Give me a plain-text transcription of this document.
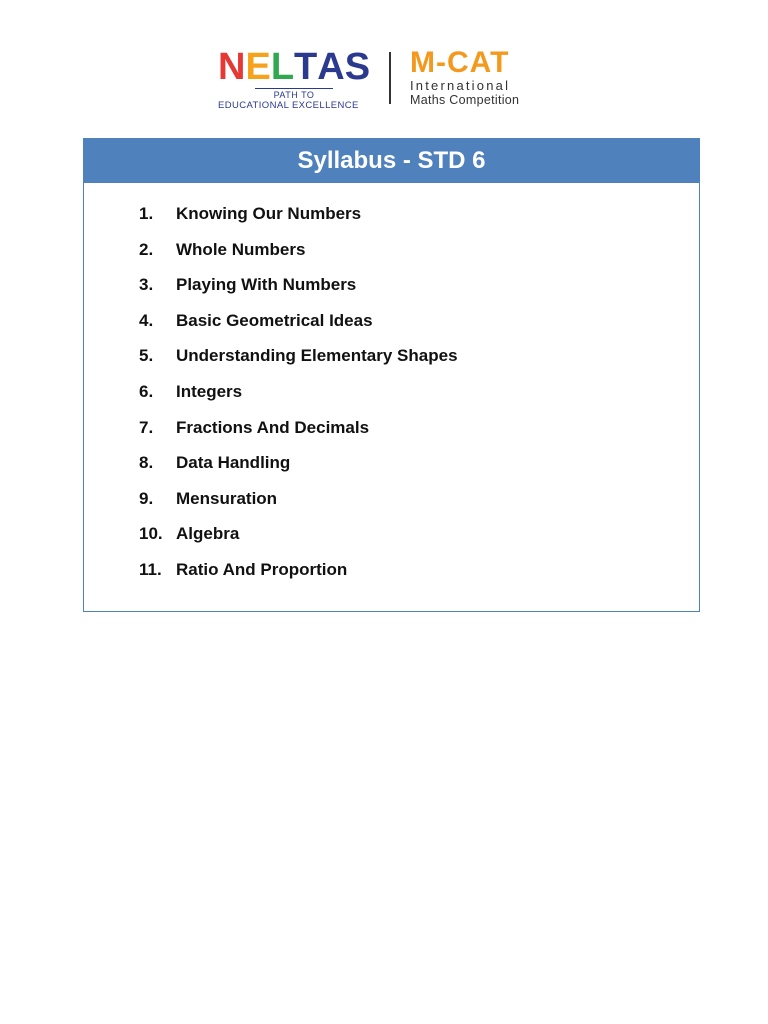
NELTAS
PATH TO
EDUCATIONAL EXCELLENCE
M-CAT
International
Maths Competition
Syllabus - STD 6
1.	Knowing Our Numbers
2.	Whole Numbers
3.	Playing With Numbers
4.	Basic Geometrical Ideas
5.	Understanding Elementary Shapes
6.	Integers
7.	Fractions And Decimals
8.	Data Handling
9.	Mensuration
10. Algebra
11. Ratio And Proportion
